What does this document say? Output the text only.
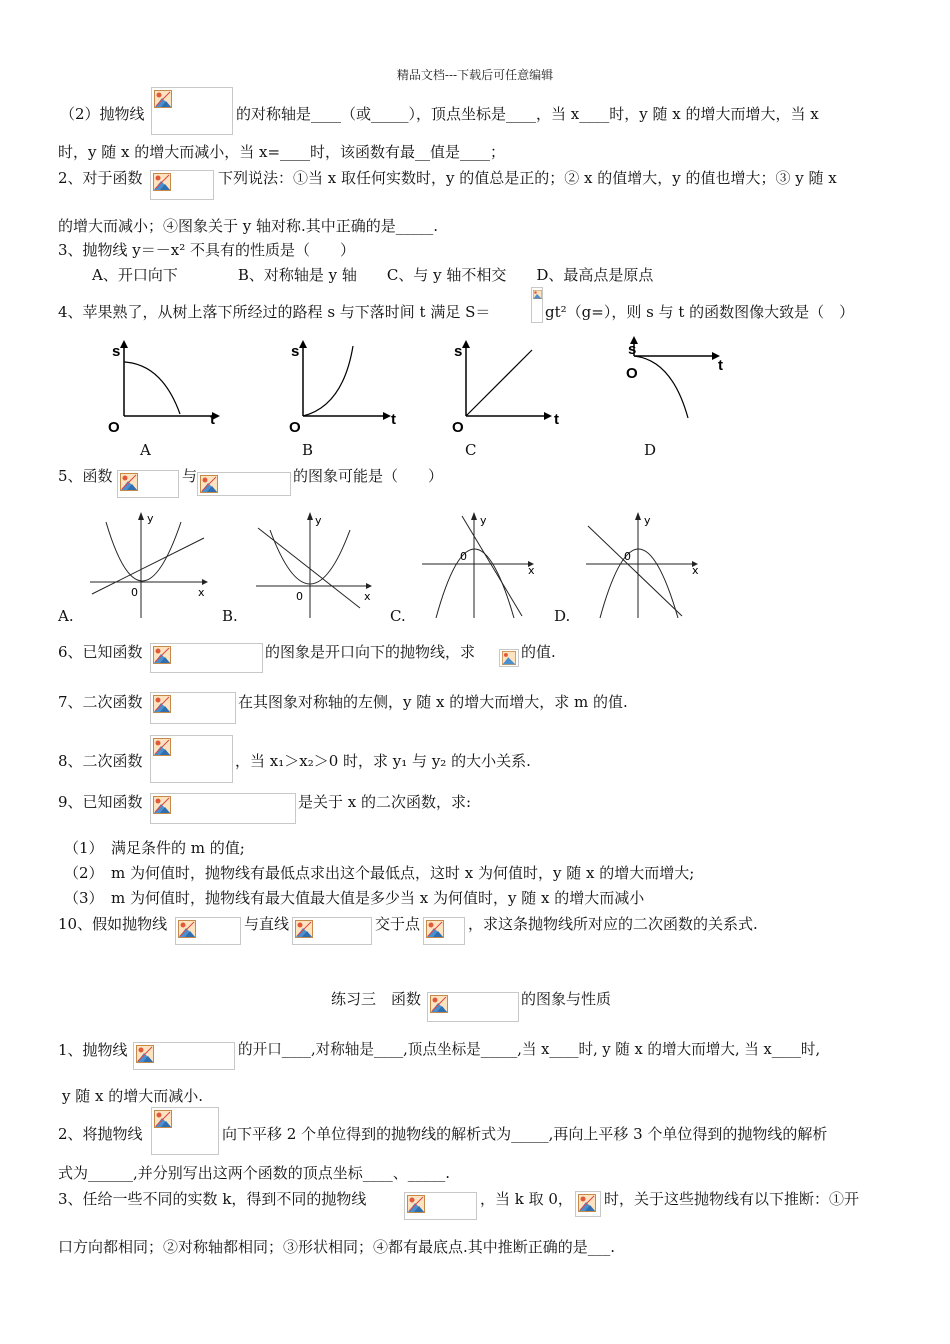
精品文档---下载后可任意编辑
（2）抛物线	的对称轴是____（或_____），顶点坐标是____，当 x____时，y 随 x 的增大而增大，当 x
时，y 随 x 的增大而减小，当 x=____时，该函数有最__值是____；
2、对于函数	下列说法：①当 x 取任何实数时，y 的值总是正的；② x 的值增大，y 的值也增大；③ y 随 x
的增大而减小；④图象关于 y 轴对称.其中正确的是_____.
3、抛物线 y＝－x² 不具有的性质是（　　）
A、开口向下　　　　B、对称轴是 y 轴　　C、与 y 轴不相交　　D、最高点是原点
4、苹果熟了，从树上落下所经过的路程 s 与下落时间 t 满足 S＝	gt²（g=），则 s 与 t 的函数图像大致是（　）
s
t
O
A
s
t
O
B
s
t
O
C
s
t
O
D
5、函数	与	的图象可能是（　　）
y
x
0
A.
y
x
0
B.
y
x
0
C.
y
x
0
D.
6、已知函数	的图象是开口向下的抛物线，求	的值.
7、二次函数	在其图象对称轴的左侧，y 随 x 的增大而增大，求 m 的值.
8、二次函数	，当 x₁＞x₂＞0 时，求 y₁ 与 y₂ 的大小关系.
9、已知函数	是关于 x 的二次函数，求:
（1）　满足条件的 m 的值;
（2）　m 为何值时，抛物线有最低点求出这个最低点，这时 x 为何值时，y 随 x 的增大而增大;
（3）　m 为何值时，抛物线有最大值最大值是多少当 x 为何值时，y 随 x 的增大而减小
10、假如抛物线	与直线	交于点	，求这条抛物线所对应的二次函数的关系式.
练习三　函数	的图象与性质
1、抛物线	的开口____,对称轴是____,顶点坐标是_____,当 x____时, y 随 x 的增大而增大, 当 x____时,
y 随 x 的增大而减小.
2、将抛物线	向下平移 2 个单位得到的抛物线的解析式为_____,再向上平移 3 个单位得到的抛物线的解析
式为______,并分别写出这两个函数的顶点坐标____、_____.
3、任给一些不同的实数 k，得到不同的抛物线	，当 k 取 0， 时，关于这些抛物线有以下推断：①开
口方向都相同；②对称轴都相同；③形状相同；④都有最底点.其中推断正确的是___.
